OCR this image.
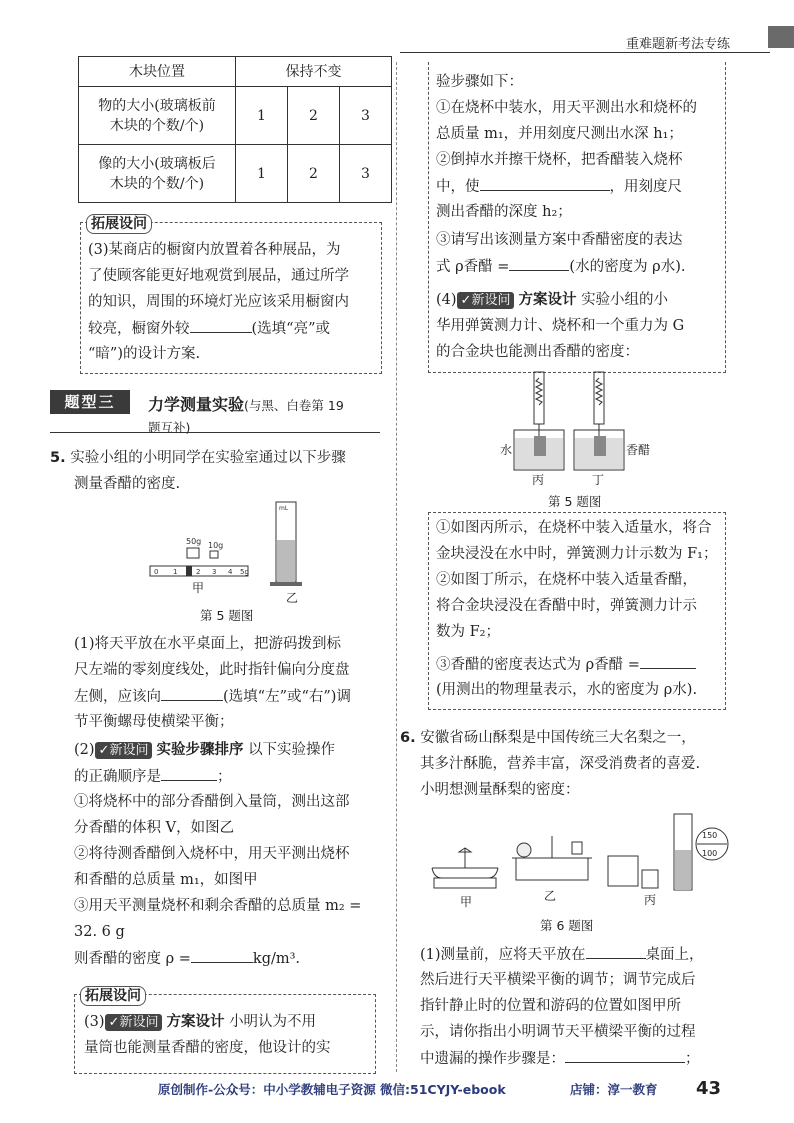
重难题新考法专练
木块位置	保持不变		
物的大小(玻璃板前
木块的个数/个)	1	2	3
像的大小(玻璃板后
木块的个数/个)	1	2	3
拓展设问
(3)某商店的橱窗内放置着各种展品，为
了使顾客能更好地观赏到展品，通过所学
的知识，周围的环境灯光应该采用橱窗内
较亮，橱窗外较	(选填“亮”或
“暗”)的设计方案.
题型三	力学测量实验(与黑、白卷第 19
题互补)
5. 实验小组的小明同学在实验室通过以下步骤
测量香醋的密度.
50g 10g
0 1	2 3 4 5g
甲
mL
乙
第 5 题图
(1)将天平放在水平桌面上，把游码拨到标
尺左端的零刻度线处，此时指针偏向分度盘
左侧，应该向	(选填“左”或“右”)调
节平衡螺母使横梁平衡；
(2) ✓新设问 实验步骤排序 以下实验操作
的正确顺序是	；
①将烧杯中的部分香醋倒入量筒，测出这部
分香醋的体积 V，如图乙
②将待测香醋倒入烧杯中，用天平测出烧杯
和香醋的总质量 m₁，如图甲
③用天平测量烧杯和剩余香醋的总质量 m₂ =
32. 6 g
则香醋的密度 ρ =	kg/m³.
拓展设问
(3) ✓新设问 方案设计 小明认为不用
量筒也能测量香醋的密度，他设计的实
验步骤如下：
①在烧杯中装水，用天平测出水和烧杯的
总质量 m₁，并用刻度尺测出水深 h₁；
②倒掉水并擦干烧杯，把香醋装入烧杯
中，使	，用刻度尺
测出香醋的深度 h₂；
③请写出该测量方案中香醋密度的表达
式 ρ香醋 =	(水的密度为 ρ水).
(4) ✓新设问 方案设计 实验小组的小
华用弹簧测力计、烧杯和一个重力为 G
的合金块也能测出香醋的密度：
水
丙
香醋
丁
第 5 题图
①如图丙所示，在烧杯中装入适量水，将合
金块浸没在水中时，弹簧测力计示数为 F₁；
②如图丁所示，在烧杯中装入适量香醋，
将合金块浸没在香醋中时，弹簧测力计示
数为 F₂；
③香醋的密度表达式为 ρ香醋 =
(用测出的物理量表示，水的密度为 ρ水).
6. 安徽省砀山酥梨是中国传统三大名梨之一，
其多汁酥脆，营养丰富，深受消费者的喜爱.
小明想测量酥梨的密度：
甲	乙
150
100
丙
第 6 题图
(1)测量前，应将天平放在	桌面上，
然后进行天平横梁平衡的调节；调节完成后
指针静止时的位置和游码的位置如图甲所
示，请你指出小明调节天平横梁平衡的过程
中遗漏的操作步骤是：	；
原创制作-公众号：中小学教辅电子资源 微信:51CYJY-ebook	店铺：淳一教育 43
